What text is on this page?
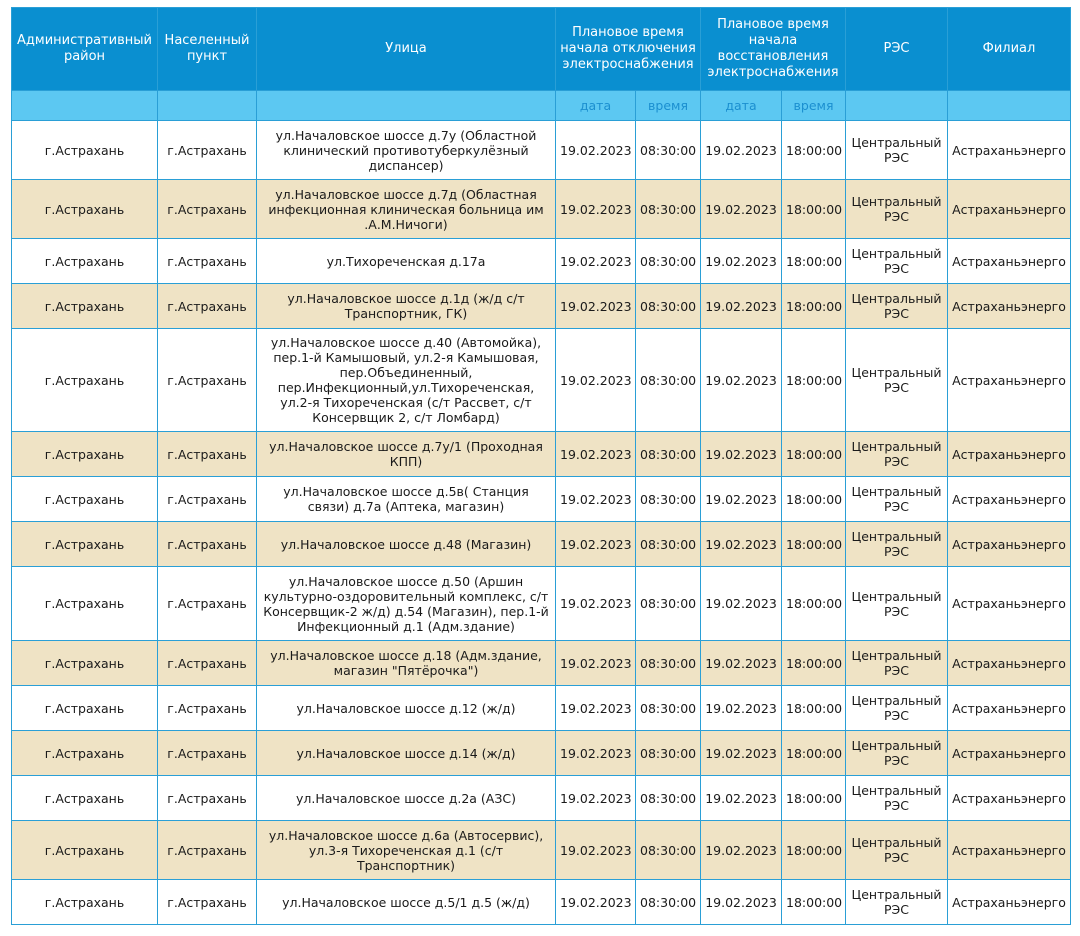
Административный район	Населенный пункт	Улица	Плановое время начала отключения электроснабжения		Плановое время начала восстановления электроснабжения		РЭС	Филиал
			дата	время	дата	время		
г.Астрахань	г.Астрахань	ул.Началовское шоссе д.7у (Областной клинический противотуберкулёзный диспансер)	19.02.2023	08:30:00	19.02.2023	18:00:00	Центральный РЭС	Астраханьэнерго
г.Астрахань	г.Астрахань	ул.Началовское шоссе д.7д (Областная инфекционная клиническая больница им .А.М.Ничоги)	19.02.2023	08:30:00	19.02.2023	18:00:00	Центральный РЭС	Астраханьэнерго
г.Астрахань	г.Астрахань	ул.Тихореченская д.17а	19.02.2023	08:30:00	19.02.2023	18:00:00	Центральный РЭС	Астраханьэнерго
г.Астрахань	г.Астрахань	ул.Началовское шоссе д.1д (ж/д с/т Транспортник, ГК)	19.02.2023	08:30:00	19.02.2023	18:00:00	Центральный РЭС	Астраханьэнерго
г.Астрахань	г.Астрахань	ул.Началовское шоссе д.40 (Автомойка), пер.1-й Камышовый, ул.2-я Камышовая, пер.Объединенный, пер.Инфекционный,ул.Тихореченская, ул.2-я Тихореченская (с/т Рассвет, с/т Консервщик 2, с/т Ломбард)	19.02.2023	08:30:00	19.02.2023	18:00:00	Центральный РЭС	Астраханьэнерго
г.Астрахань	г.Астрахань	ул.Началовское шоссе д.7у/1 (Проходная КПП)	19.02.2023	08:30:00	19.02.2023	18:00:00	Центральный РЭС	Астраханьэнерго
г.Астрахань	г.Астрахань	ул.Началовское шоссе д.5в( Станция связи) д.7а (Аптека, магазин)	19.02.2023	08:30:00	19.02.2023	18:00:00	Центральный РЭС	Астраханьэнерго
г.Астрахань	г.Астрахань	ул.Началовское шоссе д.48 (Магазин)	19.02.2023	08:30:00	19.02.2023	18:00:00	Центральный РЭС	Астраханьэнерго
г.Астрахань	г.Астрахань	ул.Началовское шоссе д.50 (Аршин культурно-оздоровительный комплекс, с/т Консервщик-2 ж/д) д.54 (Магазин), пер.1-й Инфекционный д.1 (Адм.здание)	19.02.2023	08:30:00	19.02.2023	18:00:00	Центральный РЭС	Астраханьэнерго
г.Астрахань	г.Астрахань	ул.Началовское шоссе д.18 (Адм.здание, магазин "Пятёрочка")	19.02.2023	08:30:00	19.02.2023	18:00:00	Центральный РЭС	Астраханьэнерго
г.Астрахань	г.Астрахань	ул.Началовское шоссе д.12 (ж/д)	19.02.2023	08:30:00	19.02.2023	18:00:00	Центральный РЭС	Астраханьэнерго
г.Астрахань	г.Астрахань	ул.Началовское шоссе д.14 (ж/д)	19.02.2023	08:30:00	19.02.2023	18:00:00	Центральный РЭС	Астраханьэнерго
г.Астрахань	г.Астрахань	ул.Началовское шоссе д.2а (АЗС)	19.02.2023	08:30:00	19.02.2023	18:00:00	Центральный РЭС	Астраханьэнерго
г.Астрахань	г.Астрахань	ул.Началовское шоссе д.6а (Автосервис), ул.3-я Тихореченская д.1 (с/т Транспортник)	19.02.2023	08:30:00	19.02.2023	18:00:00	Центральный РЭС	Астраханьэнерго
г.Астрахань	г.Астрахань	ул.Началовское шоссе д.5/1 д.5 (ж/д)	19.02.2023	08:30:00	19.02.2023	18:00:00	Центральный РЭС	Астраханьэнерго
